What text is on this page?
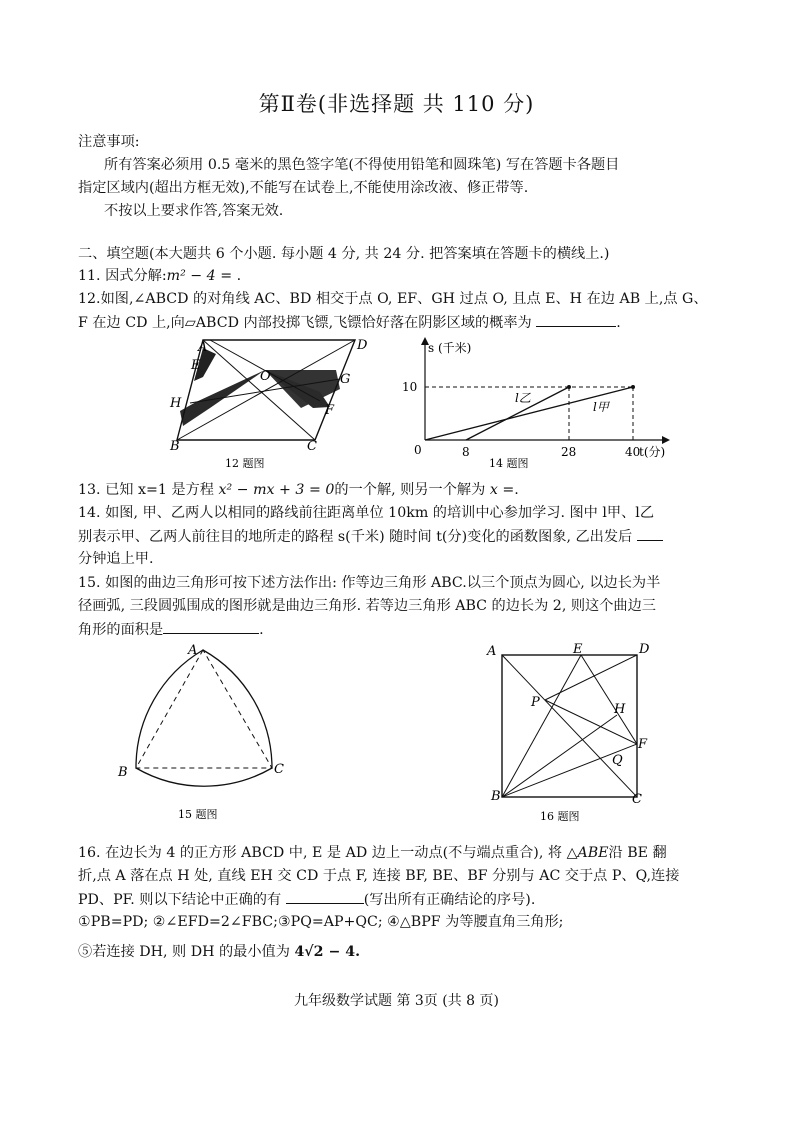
第Ⅱ卷(非选择题 共 110 分)
注意事项:
所有答案必须用 0.5 毫米的黑色签字笔(不得使用铅笔和圆珠笔) 写在答题卡各题目
指定区域内(超出方框无效),不能写在试卷上,不能使用涂改液、修正带等.
不按以上要求作答,答案无效.
二、填空题(本大题共 6 个小题. 每小题 4 分, 共 24 分. 把答案填在答题卡的横线上.)
11. 因式分解:m² − 4 = .
12.如图,∠ABCD 的对角线 AC、BD 相交于点 O, EF、GH 过点 O, 且点 E、H 在边 AB 上,点 G、
F 在边 CD 上,向▱ABCD 内部投掷飞镖,飞镖恰好落在阴影区域的概率为	.
A	D
E
O	G
H	F
B	C
12 题图
s (千米)
t(分)
0	8	28	40
10
l乙
l甲
14 题图
13. 已知 x=1 是方程 x² − mx + 3 = 0的一个解, 则另一个解为 x =.
14. 如图, 甲、乙两人以相同的路线前往距离单位 10km 的培训中心参加学习. 图中 l甲、l乙
别表示甲、乙两人前往目的地所走的路程 s(千米) 随时间 t(分)变化的函数图象, 乙出发后
分钟追上甲.
15. 如图的曲边三角形可按下述方法作出: 作等边三角形 ABC.以三个顶点为圆心, 以边长为半
径画弧, 三段圆弧围成的图形就是曲边三角形. 若等边三角形 ABC 的边长为 2, 则这个曲边三
角形的面积是	.
A
B	C
15 题图
A	E	D
P	H
F
Q
B	C
16 题图
16. 在边长为 4 的正方形 ABCD 中, E 是 AD 边上一动点(不与端点重合), 将 △ABE沿 BE 翻
折,点 A 落在点 H 处, 直线 EH 交 CD 于点 F, 连接 BF, BE、BF 分别与 AC 交于点 P、Q,连接
PD、PF. 则以下结论中正确的有	(写出所有正确结论的序号).
①PB=PD; ②∠EFD=2∠FBC;③PQ=AP+QC; ④△BPF 为等腰直角三角形;
⑤若连接 DH, 则 DH 的最小值为 4√2 − 4.
九年级数学试题 第 3页 (共 8 页)
